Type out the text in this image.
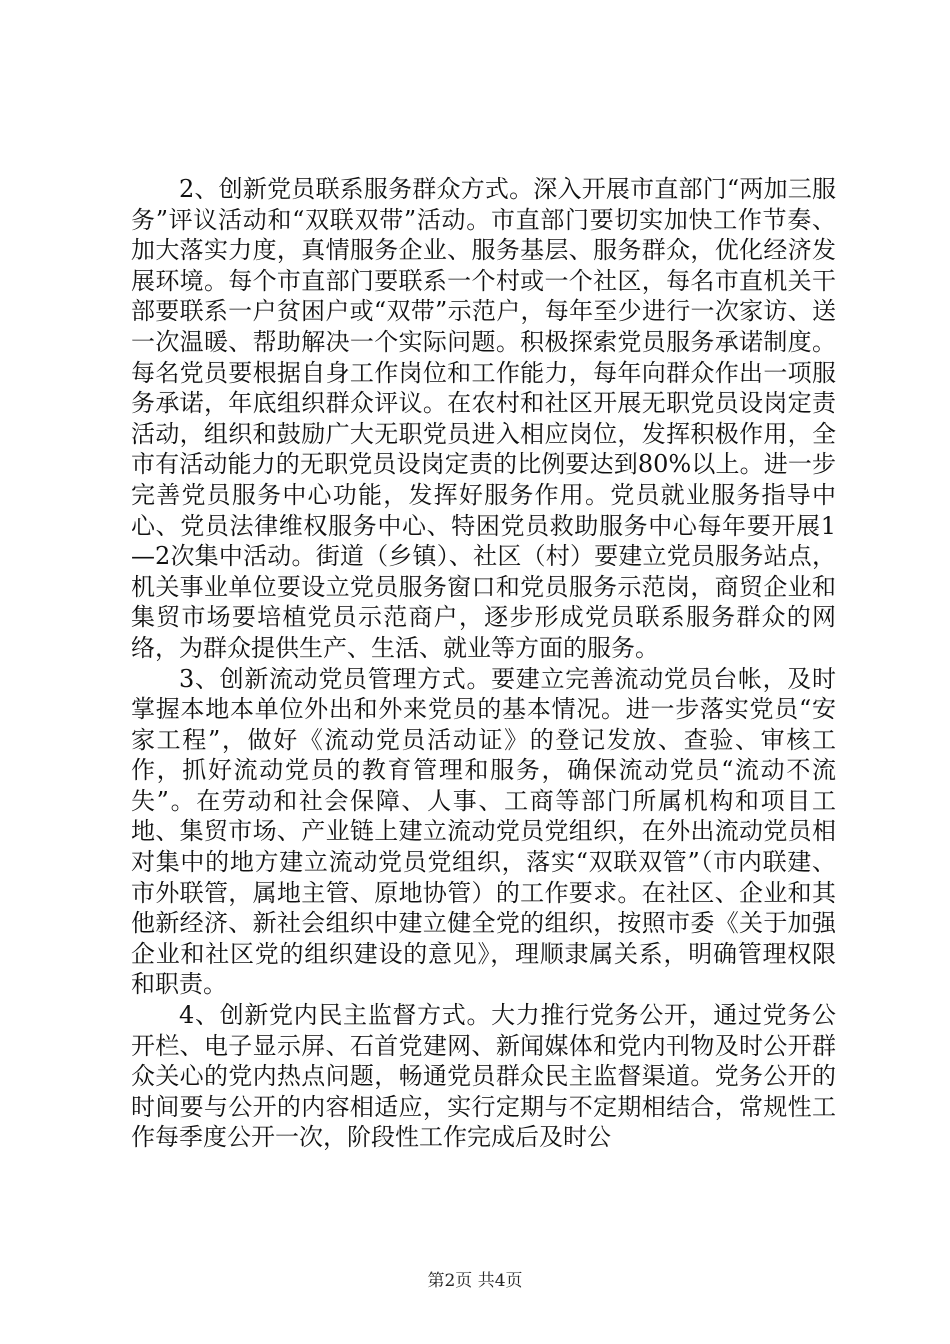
2、创新党员联系服务群众方式。深入开展市直部门“两加三服务”评议活动和“双联双带”活动。市直部门要切实加快工作节奏、加大落实力度，真情服务企业、服务基层、服务群众，优化经济发展环境。每个市直部门要联系一个村或一个社区，每名市直机关干部要联系一户贫困户或“双带”示范户，每年至少进行一次家访、送一次温暖、帮助解决一个实际问题。积极探索党员服务承诺制度。每名党员要根据自身工作岗位和工作能力，每年向群众作出一项服务承诺，年底组织群众评议。在农村和社区开展无职党员设岗定责活动，组织和鼓励广大无职党员进入相应岗位，发挥积极作用，全市有活动能力的无职党员设岗定责的比例要达到80%以上。进一步完善党员服务中心功能，发挥好服务作用。党员就业服务指导中心、党员法律维权服务中心、特困党员救助服务中心每年要开展1—2次集中活动。街道（乡镇）、社区（村）要建立党员服务站点，机关事业单位要设立党员服务窗口和党员服务示范岗，商贸企业和集贸市场要培植党员示范商户，逐步形成党员联系服务群众的网络，为群众提供生产、生活、就业等方面的服务。

3、创新流动党员管理方式。要建立完善流动党员台帐，及时掌握本地本单位外出和外来党员的基本情况。进一步落实党员“安家工程”，做好《流动党员活动证》的登记发放、查验、审核工作，抓好流动党员的教育管理和服务，确保流动党员“流动不流失”。在劳动和社会保障、人事、工商等部门所属机构和项目工地、集贸市场、产业链上建立流动党员党组织，在外出流动党员相对集中的地方建立流动党员党组织，落实“双联双管”（市内联建、市外联管，属地主管、原地协管）的工作要求。在社区、企业和其他新经济、新社会组织中建立健全党的组织，按照市委《关于加强企业和社区党的组织建设的意见》，理顺隶属关系，明确管理权限和职责。

4、创新党内民主监督方式。大力推行党务公开，通过党务公开栏、电子显示屏、石首党建网、新闻媒体和党内刊物及时公开群众关心的党内热点问题，畅通党员群众民主监督渠道。党务公开的时间要与公开的内容相适应，实行定期与不定期相结合，常规性工作每季度公开一次，阶段性工作完成后及时公

第2页 共4页
